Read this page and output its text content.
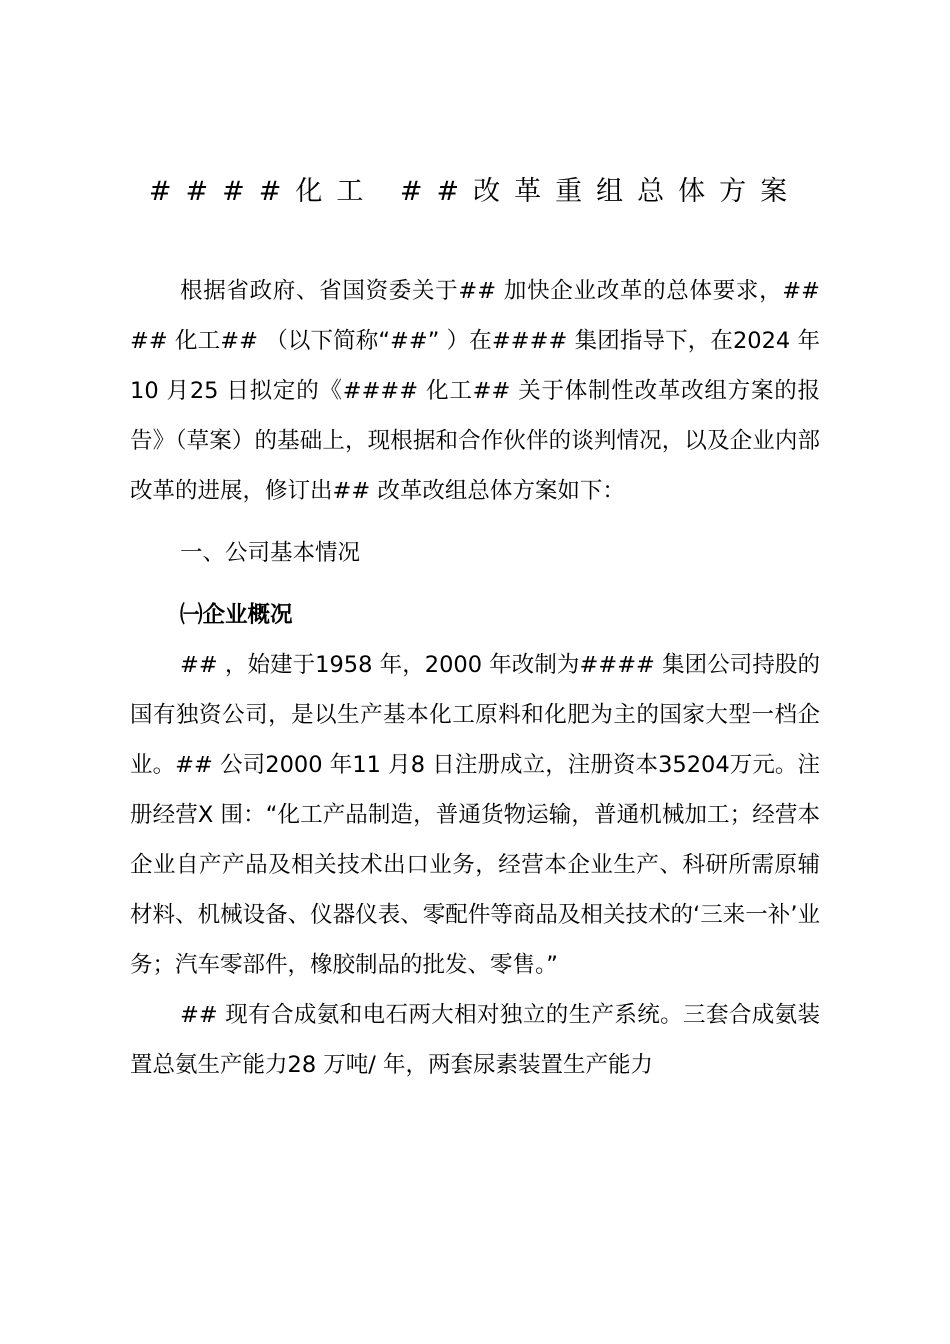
####化工 ##改革重组总体方案

根据省政府、省国资委关于## 加快企业改革的总体要求，#### 化工## （以下简称“##” ）在#### 集团指导下，在2024 年10 月25 日拟定的《#### 化工## 关于体制性改革改组方案的报告》（草案）的基础上，现根据和合作伙伴的谈判情况，以及企业内部改革的进展，修订出## 改革改组总体方案如下：

一、公司基本情况

㈠企业概况

## ，始建于1958 年，2000 年改制为#### 集团公司持股的国有独资公司，是以生产基本化工原料和化肥为主的国家大型一档企业。## 公司2000 年11 月8 日注册成立，注册资本35204万元。注册经营X 围：“化工产品制造，普通货物运输，普通机械加工；经营本企业自产产品及相关技术出口业务，经营本企业生产、科研所需原辅材料、机械设备、仪器仪表、零配件等商品及相关技术的‘三来一补’业务；汽车零部件，橡胶制品的批发、零售。”

## 现有合成氨和电石两大相对独立的生产系统。三套合成氨装置总氨生产能力28 万吨/ 年，两套尿素装置生产能力
